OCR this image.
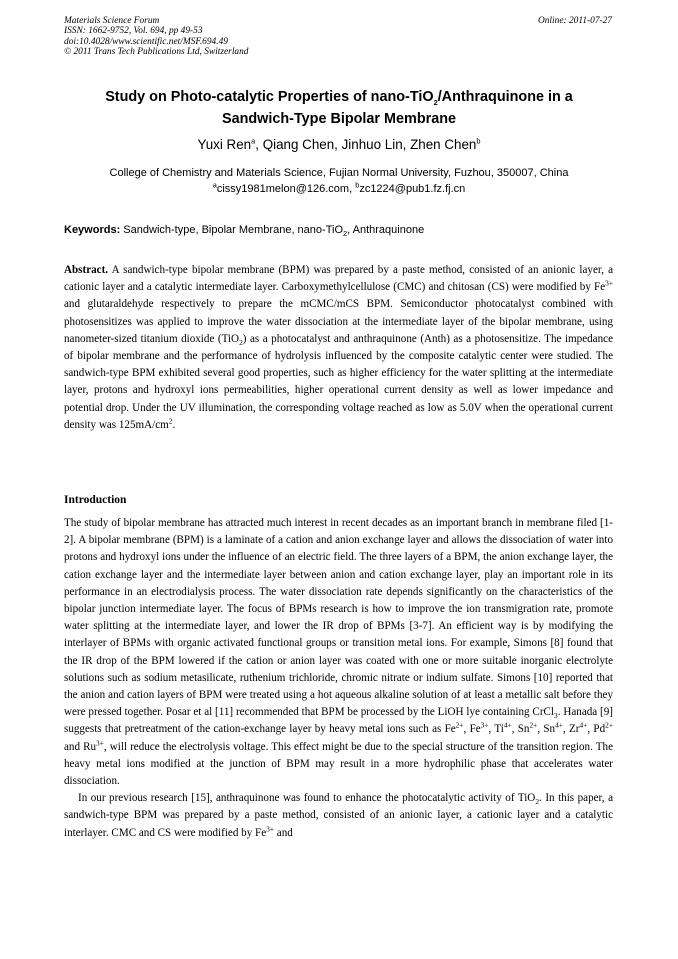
Materials Science Forum
ISSN: 1662-9752, Vol. 694, pp 49-53
doi:10.4028/www.scientific.net/MSF.694.49
© 2011 Trans Tech Publications Ltd, Switzerland
Online: 2011-07-27
Study on Photo-catalytic Properties of nano-TiO$_2$/Anthraquinone in a
Sandwich-Type Bipolar Membrane
Yuxi Ren$^a$, Qiang Chen, Jinhuo Lin, Zhen Chen$^b$
College of Chemistry and Materials Science, Fujian Normal University, Fuzhou, 350007, China
$^a$cissy1981melon@126.com, $^b$zc1224@pub1.fz.fj.cn
Keywords: Sandwich-type, Bipolar Membrane, nano-TiO$_2$, Anthraquinone
Abstract. A sandwich-type bipolar membrane (BPM) was prepared by a paste method, consisted of an anionic layer, a cationic layer and a catalytic intermediate layer. Carboxymethylcellulose (CMC) and chitosan (CS) were modified by $Fe^{3+}$ and glutaraldehyde respectively to prepare the mCMC/mCS BPM. Semiconductor photocatalyst combined with photosensitizes was applied to improve the water dissociation at the intermediate layer of the bipolar membrane, using nanometer-sized titanium dioxide (TiO$_2$) as a photocatalyst and anthraquinone (Anth) as a photosensitize. The impedance of bipolar membrane and the performance of hydrolysis influenced by the composite catalytic center were studied. The sandwich-type BPM exhibited several good properties, such as higher efficiency for the water splitting at the intermediate layer, protons and hydroxyl ions permeabilities, higher operational current density as well as lower impedance and potential drop. Under the UV illumination, the corresponding voltage reached as low as 5.0V when the operational current density was $125mA/cm^2$.
Introduction

The study of bipolar membrane has attracted much interest in recent decades as an important branch in membrane filed [1-2]. A bipolar membrane (BPM) is a laminate of a cation and anion exchange layer and allows the dissociation of water into protons and hydroxyl ions under the influence of an electric field. The three layers of a BPM, the anion exchange layer, the cation exchange layer and the intermediate layer between anion and cation exchange layer, play an important role in its performance in an electrodialysis process. The water dissociation rate depends significantly on the characteristics of the bipolar junction intermediate layer. The focus of BPMs research is how to improve the ion transmigration rate, promote water splitting at the intermediate layer, and lower the IR drop of BPMs [3-7]. An efficient way is by modifying the interlayer of BPMs with organic activated functional groups or transition metal ions. For example, Simons [8] found that the IR drop of the BPM lowered if the cation or anion layer was coated with one or more suitable inorganic electrolyte solutions such as sodium metasilicate, ruthenium trichloride, chromic nitrate or indium sulfate. Simons [10] reported that the anion and cation layers of BPM were treated using a hot aqueous alkaline solution of at least a metallic salt before they were pressed together. Posar et al [11] recommended that BPM be processed by the LiOH lye containing CrCl$_3$. Hanada [9] suggests that pretreatment of the cation-exchange layer by heavy metal ions such as $Fe^{2+}$, $Fe^{3+}$, $Ti^{4+}$, $Sn^{2+}$, $Sn^{4+}$, $Zr^{4+}$, $Pd^{2+}$ and $Ru^{3+}$, will reduce the electrolysis voltage. This effect might be due to the special structure of the transition region. The heavy metal ions modified at the junction of BPM may result in a more hydrophilic phase that accelerates water dissociation.

In our previous research [15], anthraquinone was found to enhance the photocatalytic activity of TiO$_2$. In this paper, a sandwich-type BPM was prepared by a paste method, consisted of an anionic layer, a cationic layer and a catalytic interlayer. CMC and CS were modified by $Fe^{3+}$ and
